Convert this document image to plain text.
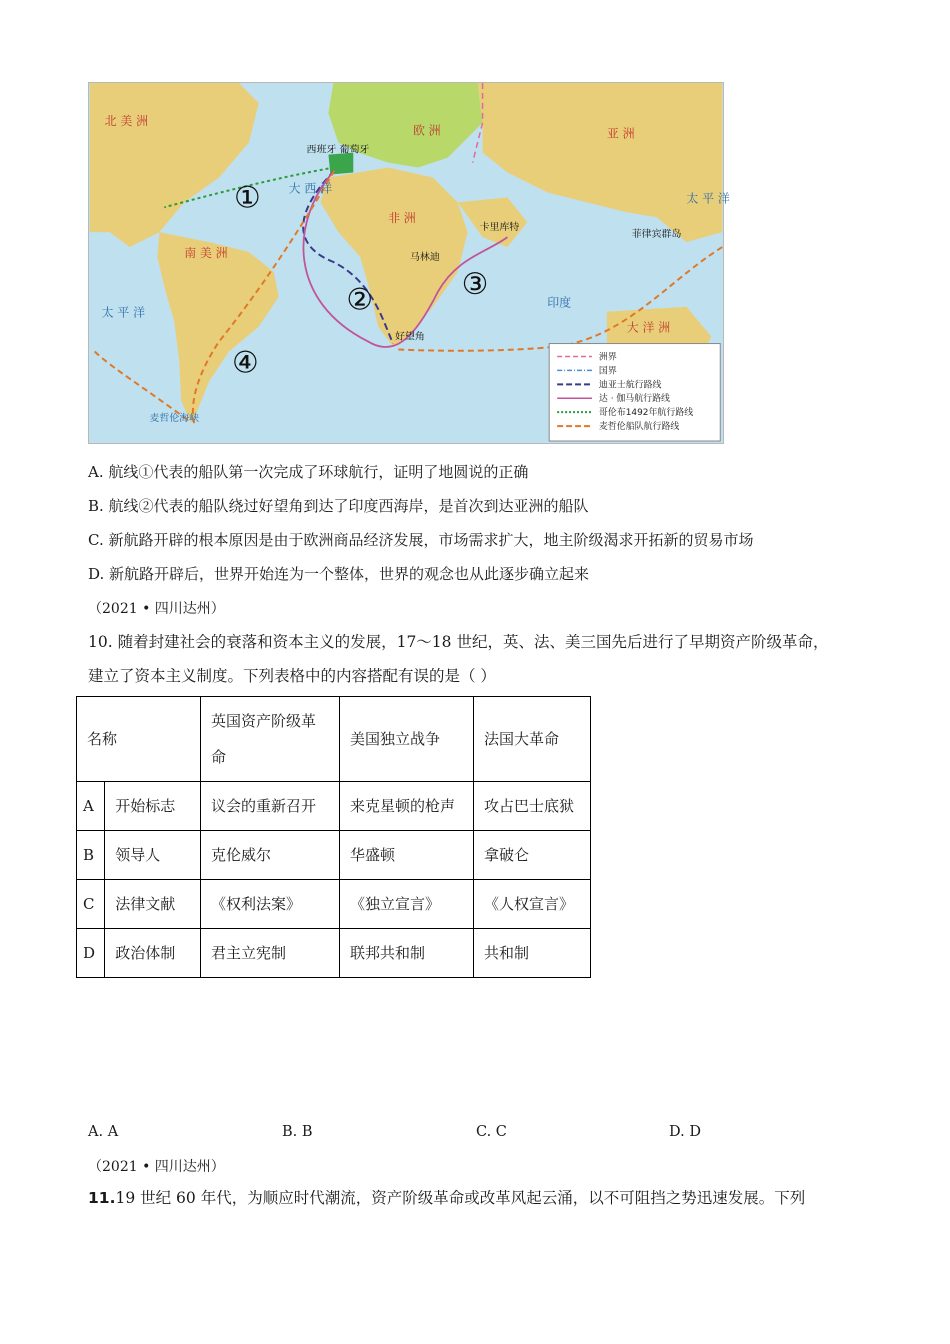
北 美 洲
南 美 洲
欧 洲
非 洲
亚 洲
大 洋 洲
大 西 洋
太 平 洋
太 平 洋
印度
西班牙 葡萄牙
卡里库特
马林迪
好望角
菲律宾群岛
麦哲伦海峡
①
②	③
④	洲界
国界
迪亚士航行路线
达 · 伽马航行路线
哥伦布1492年航行路线
麦哲伦船队航行路线
A. 航线①代表的船队第一次完成了环球航行，证明了地圆说的正确
B. 航线②代表的船队绕过好望角到达了印度西海岸，是首次到达亚洲的船队
C. 新航路开辟的根本原因是由于欧洲商品经济发展，市场需求扩大，地主阶级渴求开拓新的贸易市场
D. 新航路开辟后，世界开始连为一个整体，世界的观念也从此逐步确立起来
（2021 • 四川达州）
10. 随着封建社会的衰落和资本主义的发展，17～18 世纪，英、法、美三国先后进行了早期资产阶级革命，
建立了资本主义制度。下列表格中的内容搭配有误的是（ ）
名称		英国资产阶级革命	美国独立战争	法国大革命
A	开始标志	议会的重新召开	来克星顿的枪声	攻占巴士底狱
B	领导人	克伦威尔	华盛顿	拿破仑
C	法律文献	《权利法案》	《独立宣言》	《人权宣言》
D	政治体制	君主立宪制	联邦共和制	共和制
A. A	B. B	C. C	D. D
（2021 • 四川达州）
11.19 世纪 60 年代，为顺应时代潮流，资产阶级革命或改革风起云涌，以不可阻挡之势迅速发展。下列
